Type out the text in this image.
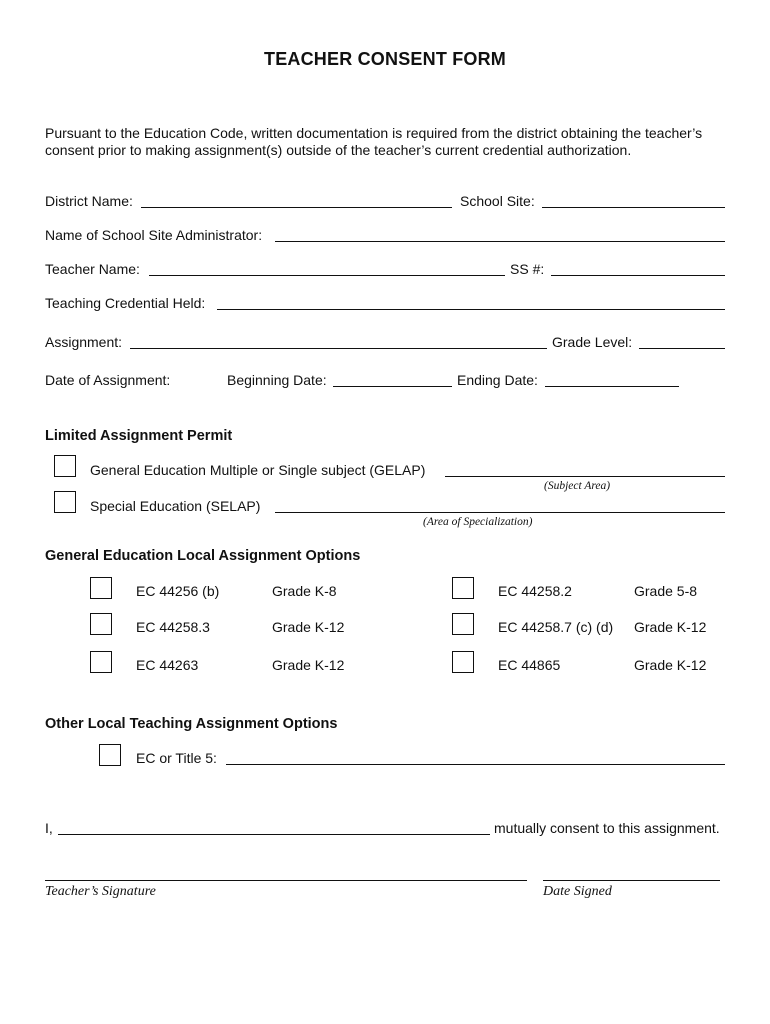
TEACHER CONSENT FORM
Pursuant to the Education Code, written documentation is required from the district obtaining the teacher’s
consent prior to making assignment(s) outside of the teacher’s current credential authorization.
District Name:	School Site:
Name of School Site Administrator:
Teacher Name:	SS #:
Teaching Credential Held:
Assignment:	Grade Level:
Date of Assignment:	Beginning Date:	Ending Date:
Limited Assignment Permit
General Education Multiple or Single subject (GELAP)
(Subject Area)
Special Education (SELAP)
(Area of Specialization)
General Education Local Assignment Options
EC 44256 (b)	Grade K-8	EC 44258.2	Grade 5-8
EC 44258.3	Grade K-12	EC 44258.7 (c) (d) Grade K-12
EC 44263	Grade K-12	EC 44865	Grade K-12
Other Local Teaching Assignment Options
EC or Title 5:
I,	mutually consent to this assignment.
Teacher’s Signature	Date Signed
